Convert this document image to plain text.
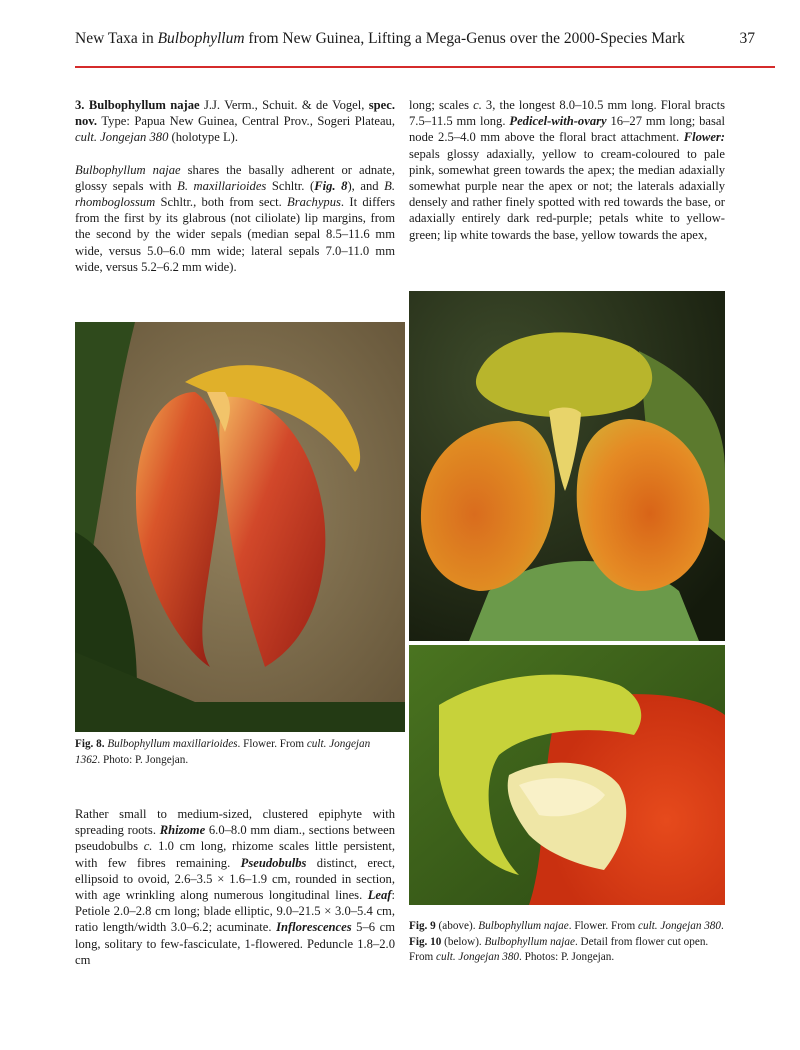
New Taxa in Bulbophyllum from New Guinea, Lifting a Mega-Genus over the 2000-Species Mark	37

3. Bulbophyllum najae J.J. Verm., Schuit. & de Vogel, spec. nov. Type: Papua New Guinea, Central Prov., Sogeri Plateau, cult. Jongejan 380 (holotype L).

Bulbophyllum najae shares the basally adherent or adnate, glossy sepals with B. maxillarioides Schltr. (Fig. 8), and B. rhomboglossum Schltr., both from sect. Brachypus. It differs from the first by its glabrous (not ciliolate) lip margins, from the second by the wider sepals (median sepal 8.5–11.6 mm wide, versus 5.0–6.0 mm wide; lateral sepals 7.0–11.0 mm wide, versus 5.2–6.2 mm wide).

long; scales c. 3, the longest 8.0–10.5 mm long. Floral bracts 7.5–11.5 mm long. Pedicel-with-ovary 16–27 mm long; basal node 2.5–4.0 mm above the floral bract attachment. Flower: sepals glossy adaxially, yellow to cream-coloured to pale pink, somewhat green towards the apex; the median adaxially somewhat purple near the apex or not; the laterals adaxially densely and rather finely spotted with red towards the base, or adaxially entirely dark red-purple; petals white to yellow-green; lip white towards the base, yellow towards the apex,

Fig. 8. Bulbophyllum maxillarioides. Flower. From cult. Jongejan 1362. Photo: P. Jongejan.
Fig. 9 (above). Bulbophyllum najae. Flower. From cult. Jongejan 380. Fig. 10 (below). Bulbophyllum najae. Detail from flower cut open. From cult. Jongejan 380. Photos: P. Jongejan.

Rather small to medium-sized, clustered epiphyte with spreading roots. Rhizome 6.0–8.0 mm diam., sections between pseudobulbs c. 1.0 cm long, rhizome scales little persistent, with few fibres remaining. Pseudobulbs distinct, erect, ellipsoid to ovoid, 2.6–3.5 × 1.6–1.9 cm, rounded in section, with age wrinkling along numerous longitudinal lines. Leaf: Petiole 2.0–2.8 cm long; blade elliptic, 9.0–21.5 × 3.0–5.4 cm, ratio length/width 3.0–6.2; acuminate. Inflorescences 5–6 cm long, solitary to few-fasciculate, 1-flowered. Peduncle 1.8–2.0 cm
